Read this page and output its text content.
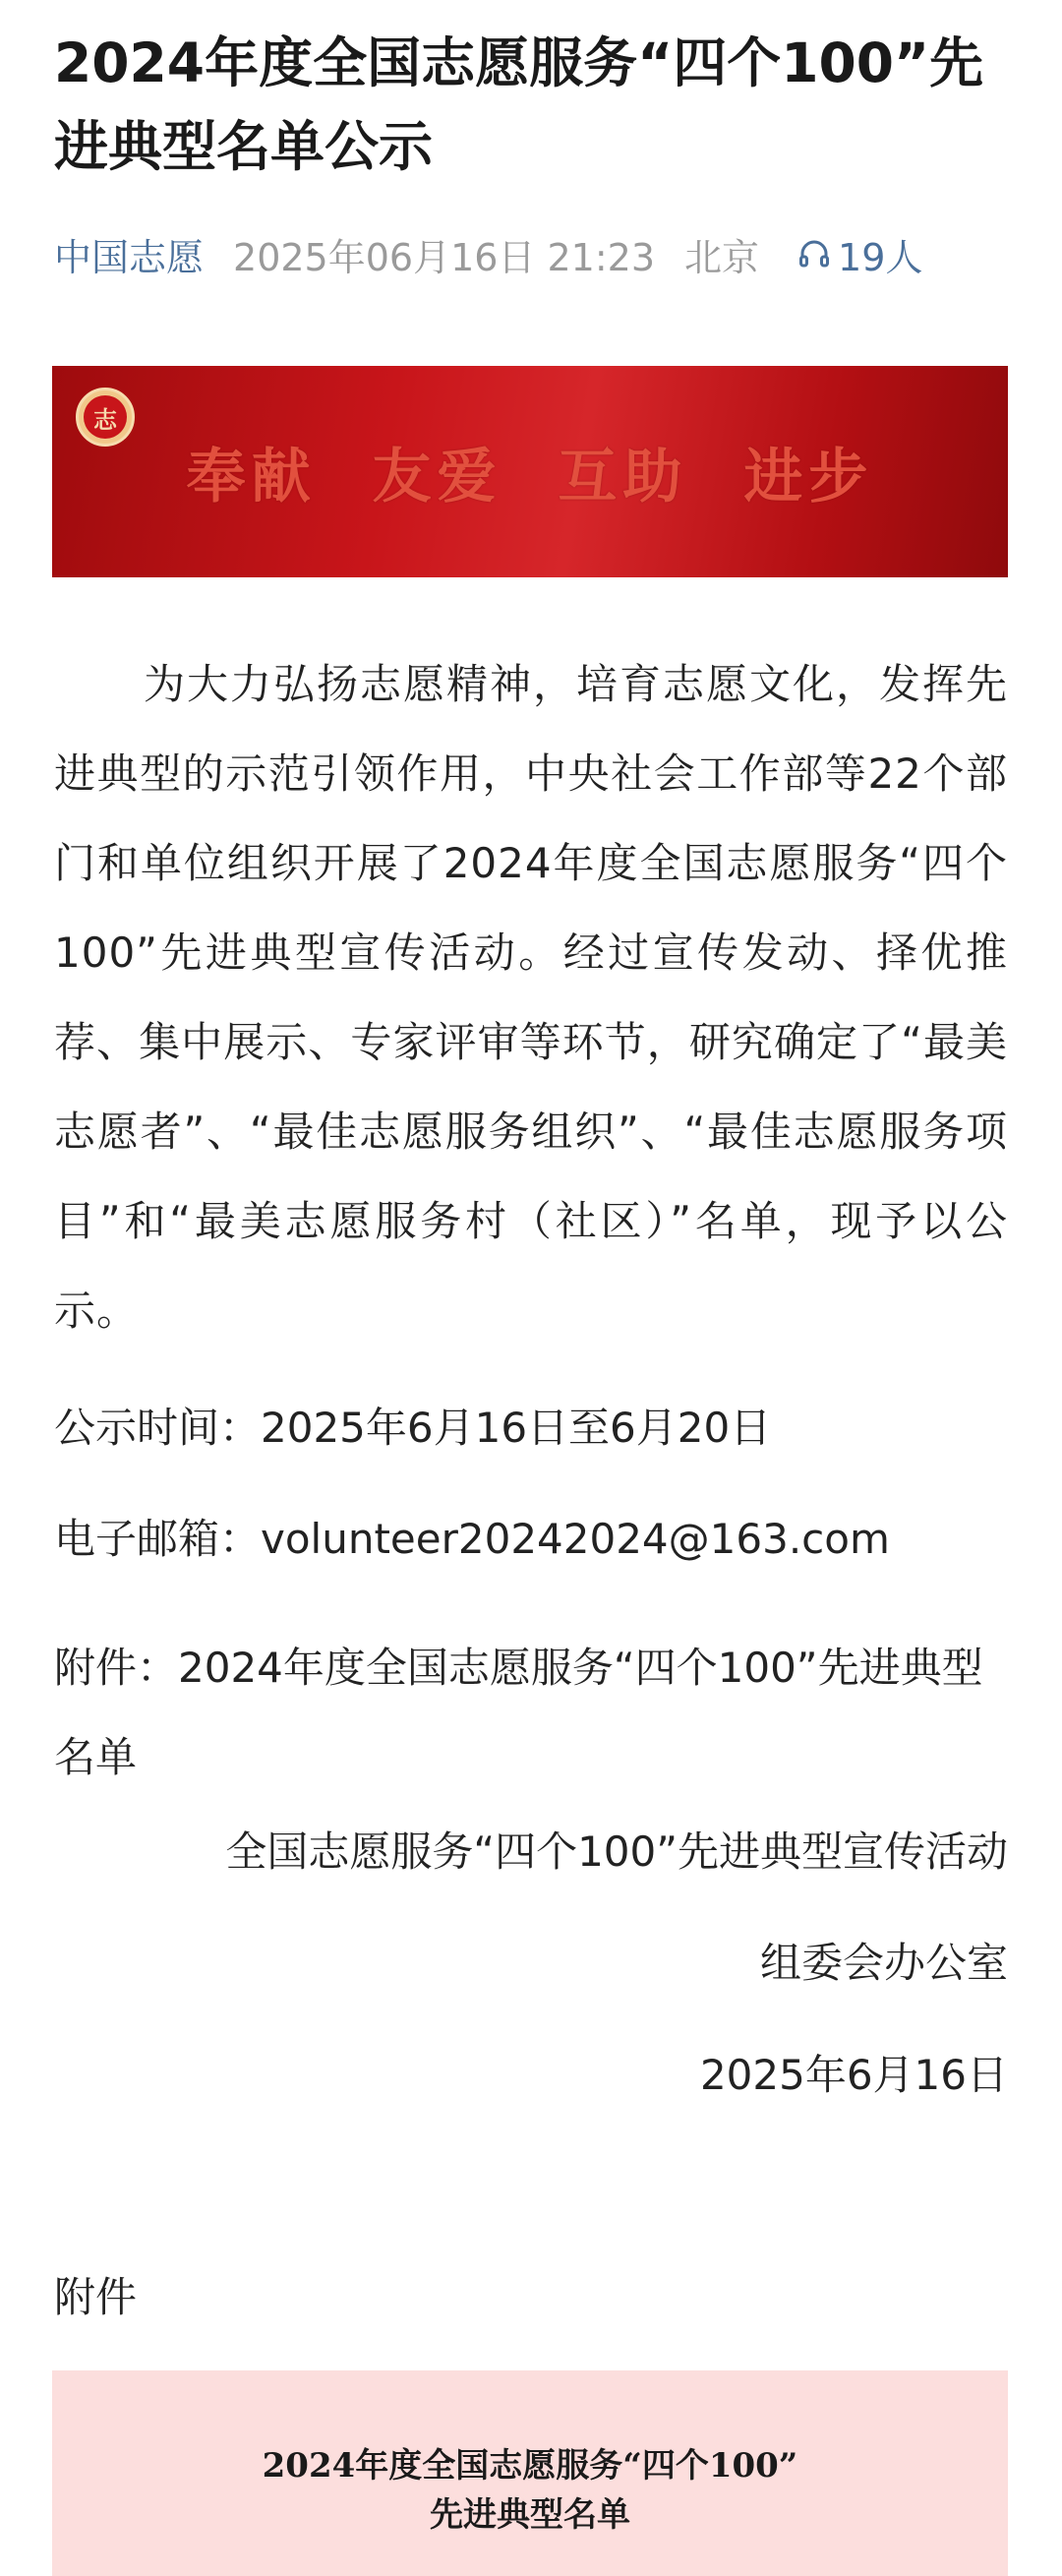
2024年度全国志愿服务“四个100”先进典型名单公示
中国志愿 2025年06月16日 21:23 北京 19人
志
奉献 友爱 互助 进步

为大力弘扬志愿精神，培育志愿文化，发挥先进典型的示范引领作用，中央社会工作部等22个部门和单位组织开展了2024年度全国志愿服务“四个100”先进典型宣传活动。经过宣传发动、择优推荐、集中展示、专家评审等环节，研究确定了“最美志愿者”、“最佳志愿服务组织”、“最佳志愿服务项目”和“最美志愿服务村（社区）”名单，现予以公示。

公示时间：2025年6月16日至6月20日

电子邮箱：volunteer20242024@163.com

附件：2024年度全国志愿服务“四个100”先进典型名单

全国志愿服务“四个100”先进典型宣传活动

组委会办公室

2025年6月16日

附件

2024年度全国志愿服务“四个100”
先进典型名单
